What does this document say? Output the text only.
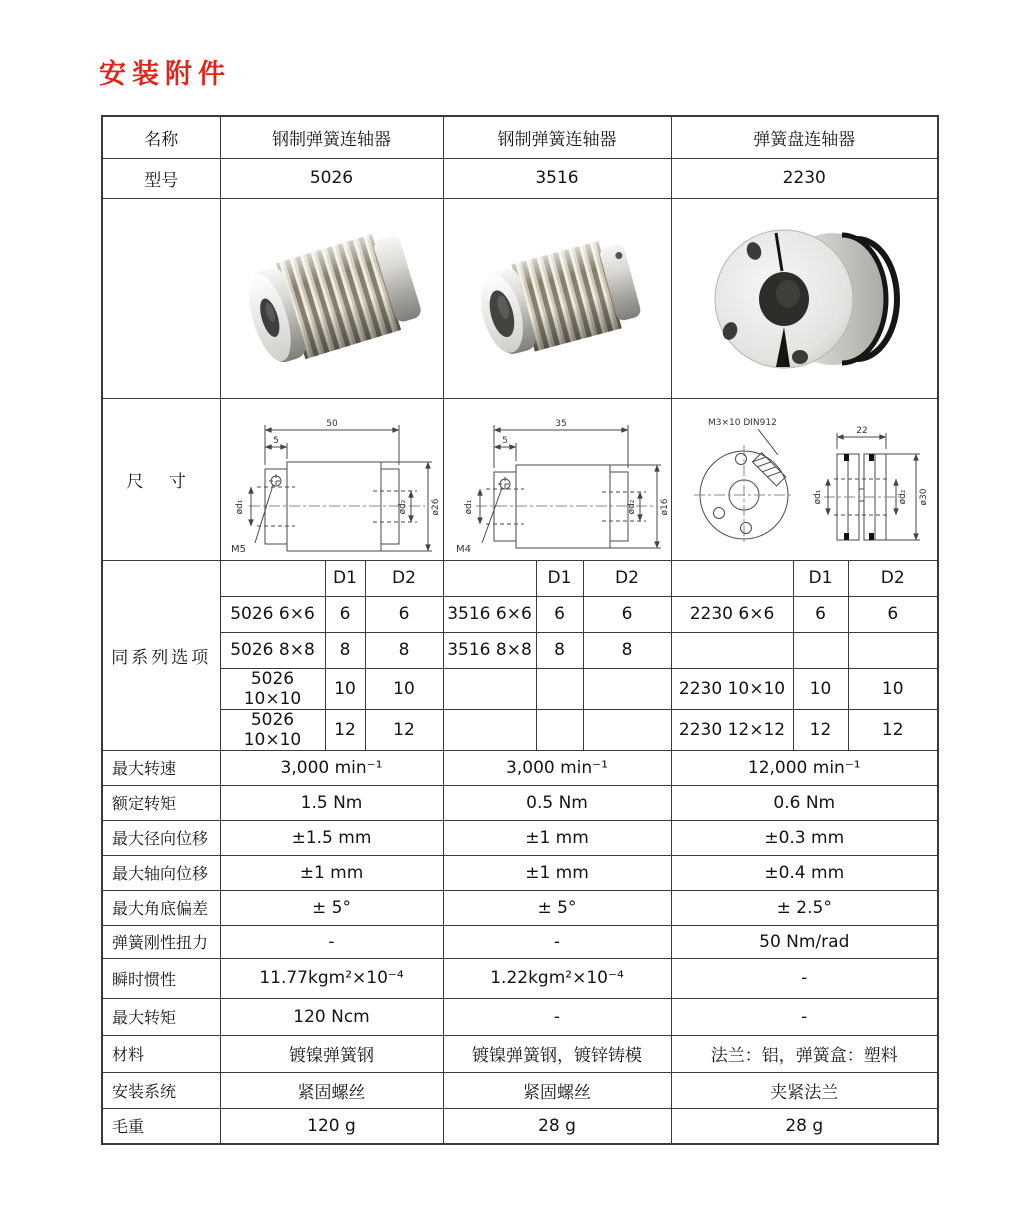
安装附件
名称	钢制弹簧连轴器			钢制弹簧连轴器			弹簧盘连轴器		
型号	5026			3516			2230		

尺 寸	
50
5
ød₁	ød₂	ø26
M5

35
5
ød₁	ød₂	ø16
M4

M3×10 DIN912
22
ød₁	ød₂ ø30

同系列选项		D1	D2		D1	D2		D1	D2
	5026 6×6	6	6	3516 6×6	6	6	2230 6×6	6	6
	5026 8×8	8	8	3516 8×8	8	8			
	5026 10×10	10	10				2230 10×10	10	10
	5026 10×10	12	12				2230 12×12	12	12
最大转速	3,000 min⁻¹			3,000 min⁻¹			12,000 min⁻¹		
额定转矩	1.5 Nm			0.5 Nm			0.6 Nm		
最大径向位移	±1.5 mm			±1 mm			±0.3 mm		
最大轴向位移	±1 mm			±1 mm			±0.4 mm		
最大角底偏差	± 5°			± 5°			± 2.5°		
弹簧刚性扭力	-			-			50 Nm/rad		
瞬时惯性	11.77kgm²×10⁻⁴			1.22kgm²×10⁻⁴			-		
最大转矩	120 Ncm			-			-		
材料	镀镍弹簧钢			镀镍弹簧钢，镀锌铸模			法兰：铝，弹簧盒：塑料		
安装系统	紧固螺丝			紧固螺丝			夹紧法兰		
毛重	120 g			28 g			28 g		
